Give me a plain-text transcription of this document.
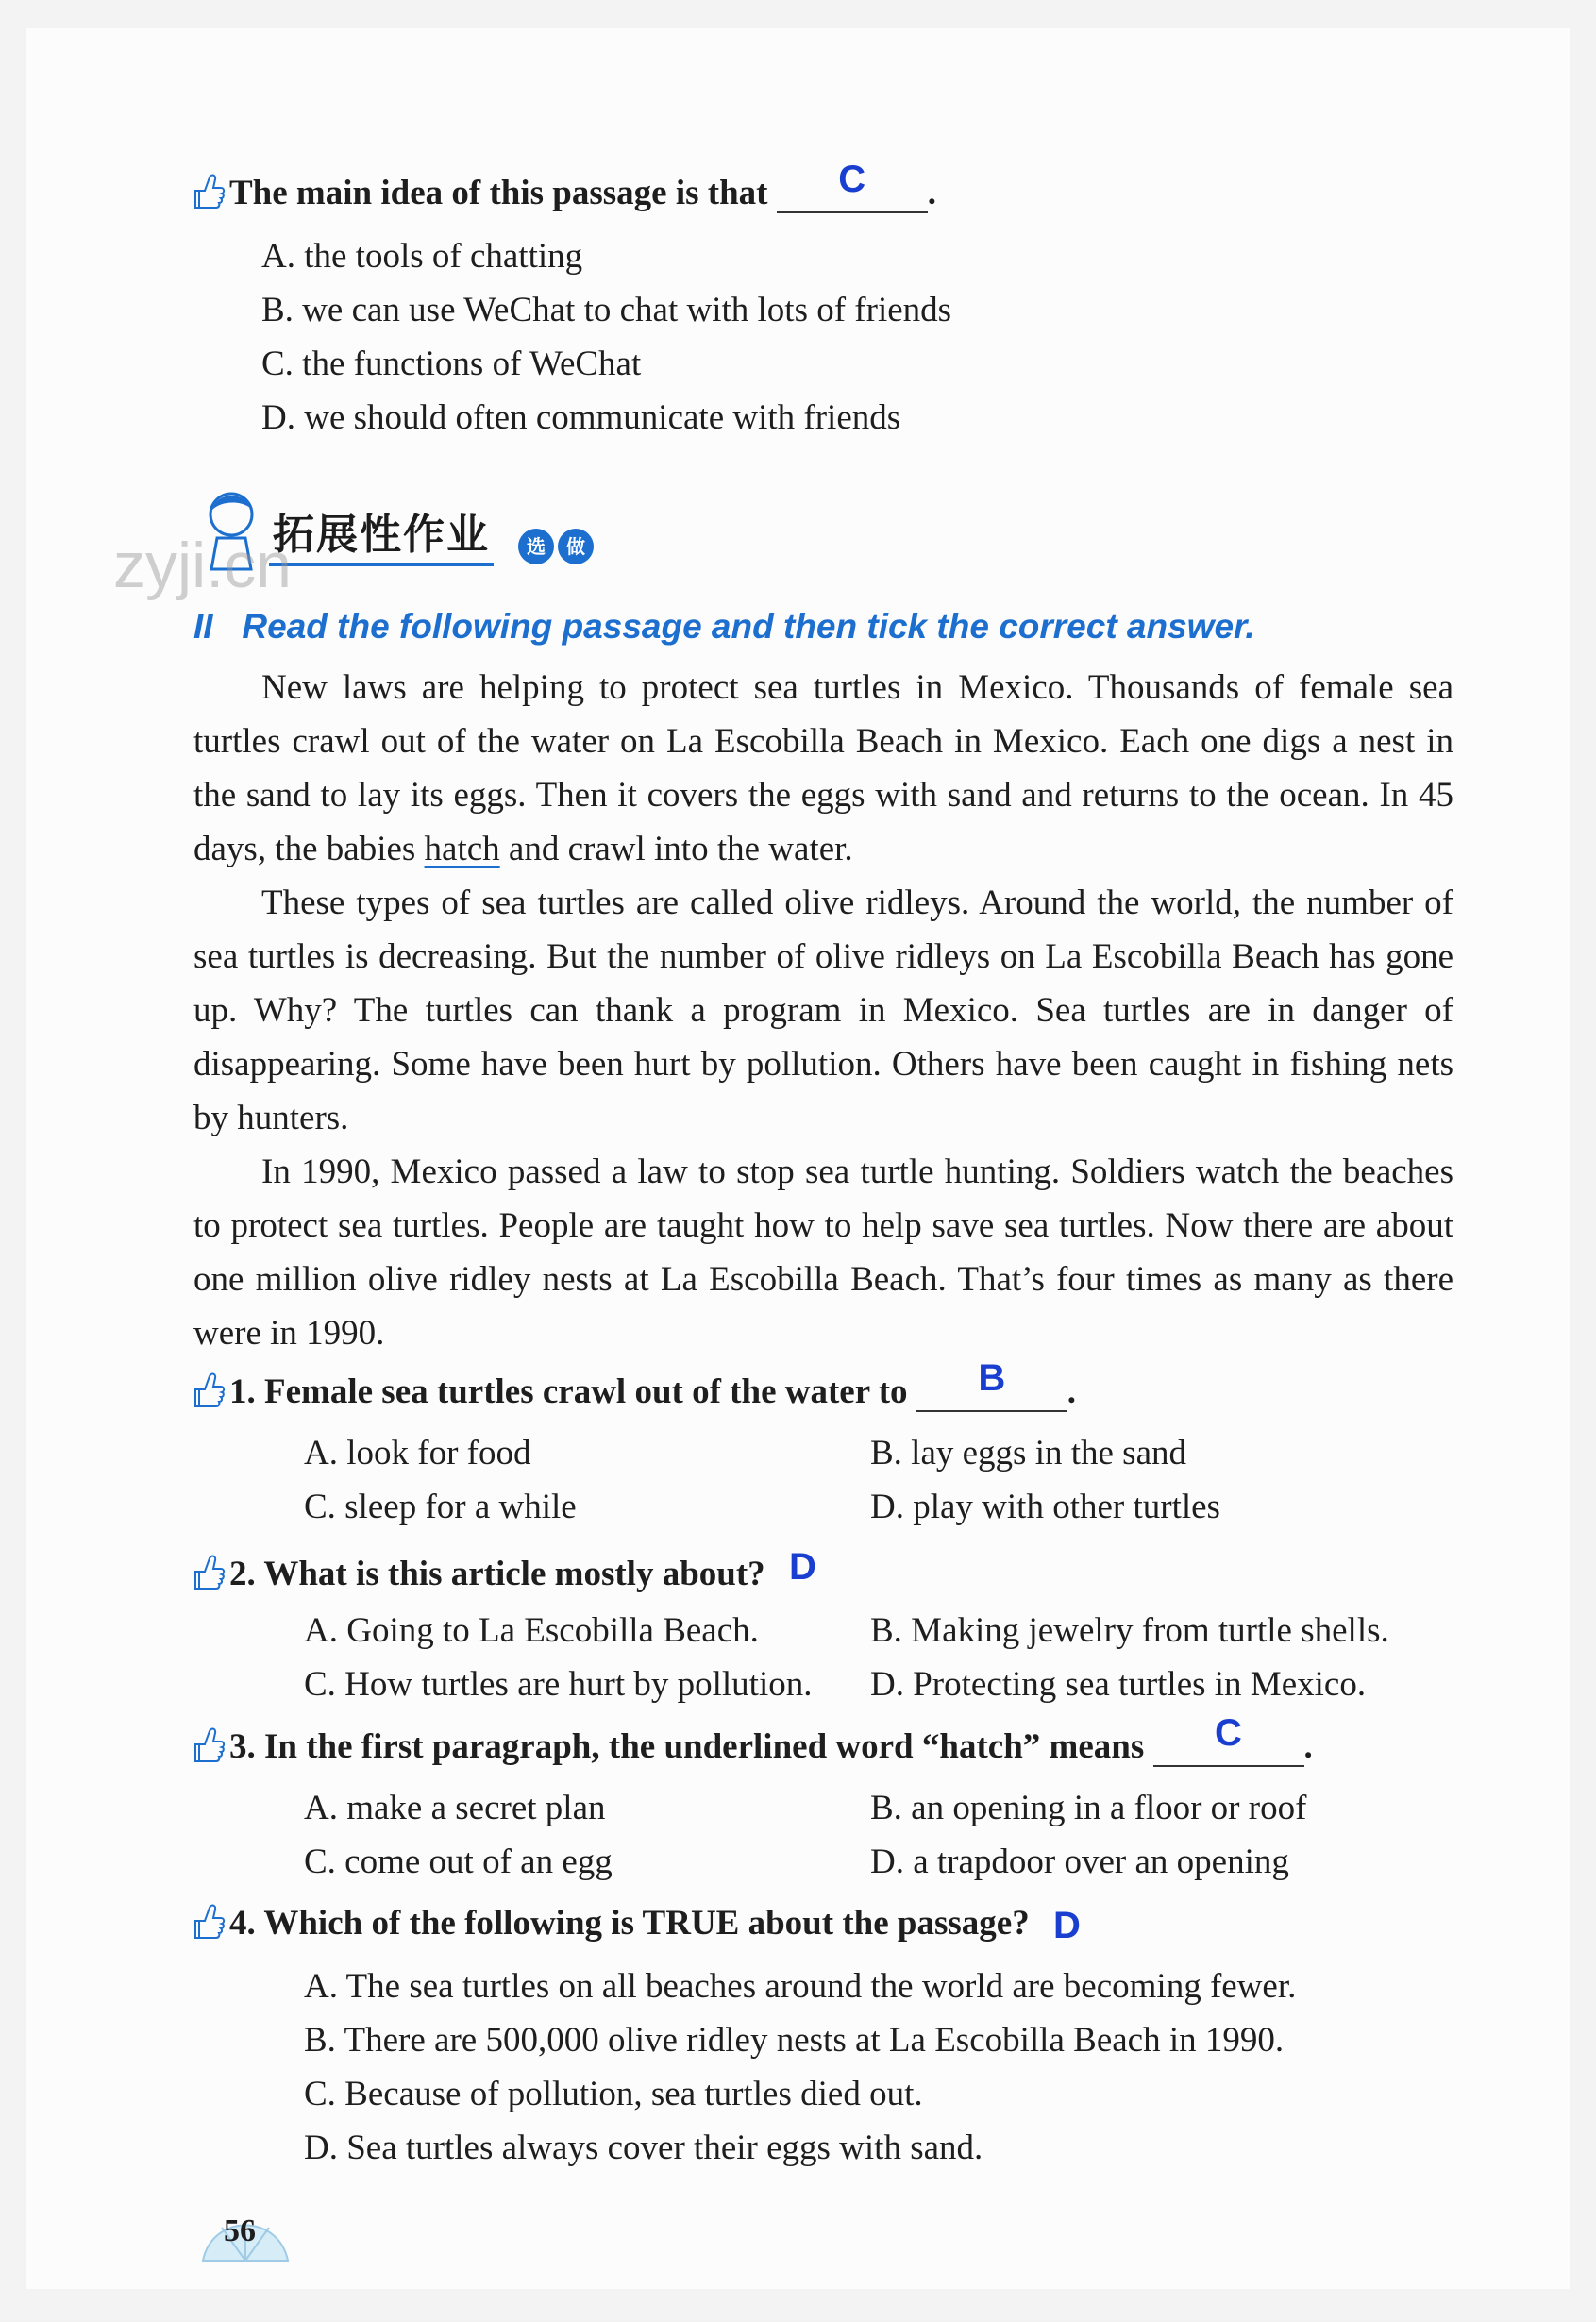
The main idea of this passage is that	C	.
A. the tools of chatting
B. we can use WeChat to chat with lots of friends
C. the functions of WeChat
D. we should often communicate with friends
拓展性作业	选 做
zyji.cn
II Read the following passage and then tick the correct answer.

New laws are helping to protect sea turtles in Mexico. Thousands of female sea turtles crawl out of the water on La Escobilla Beach in Mexico. Each one digs a nest in the sand to lay its eggs. Then it covers the eggs with sand and returns to the ocean. In 45 days, the babies hatch and crawl into the water.

These types of sea turtles are called olive ridleys. Around the world, the number of sea turtles is decreasing. But the number of olive ridleys on La Escobilla Beach has gone up. Why? The turtles can thank a program in Mexico. Sea turtles are in danger of disappearing. Some have been hurt by pollution. Others have been caught in fishing nets by hunters.

In 1990, Mexico passed a law to stop sea turtle hunting. Soldiers watch the beaches to protect sea turtles. People are taught how to help save sea turtles. Now there are about one million olive ridley nests at La Escobilla Beach. That’s four times as many as there were in 1990.

1. Female sea turtles crawl out of the water to	B	.
A. look for food	B. lay eggs in the sand
C. sleep for a while	D. play with other turtles
2. What is this article mostly about? D
A. Going to La Escobilla Beach.	B. Making jewelry from turtle shells.
C. How turtles are hurt by pollution. D. Protecting sea turtles in Mexico.
3. In the first paragraph, the underlined word “hatch” means	C	.
A. make a secret plan	B. an opening in a floor or roof
C. come out of an egg	D. a trapdoor over an opening
4. Which of the following is TRUE about the passage? D
A. The sea turtles on all beaches around the world are becoming fewer.
B. There are 500,000 olive ridley nests at La Escobilla Beach in 1990.
C. Because of pollution, sea turtles died out.
D. Sea turtles always cover their eggs with sand.
56
